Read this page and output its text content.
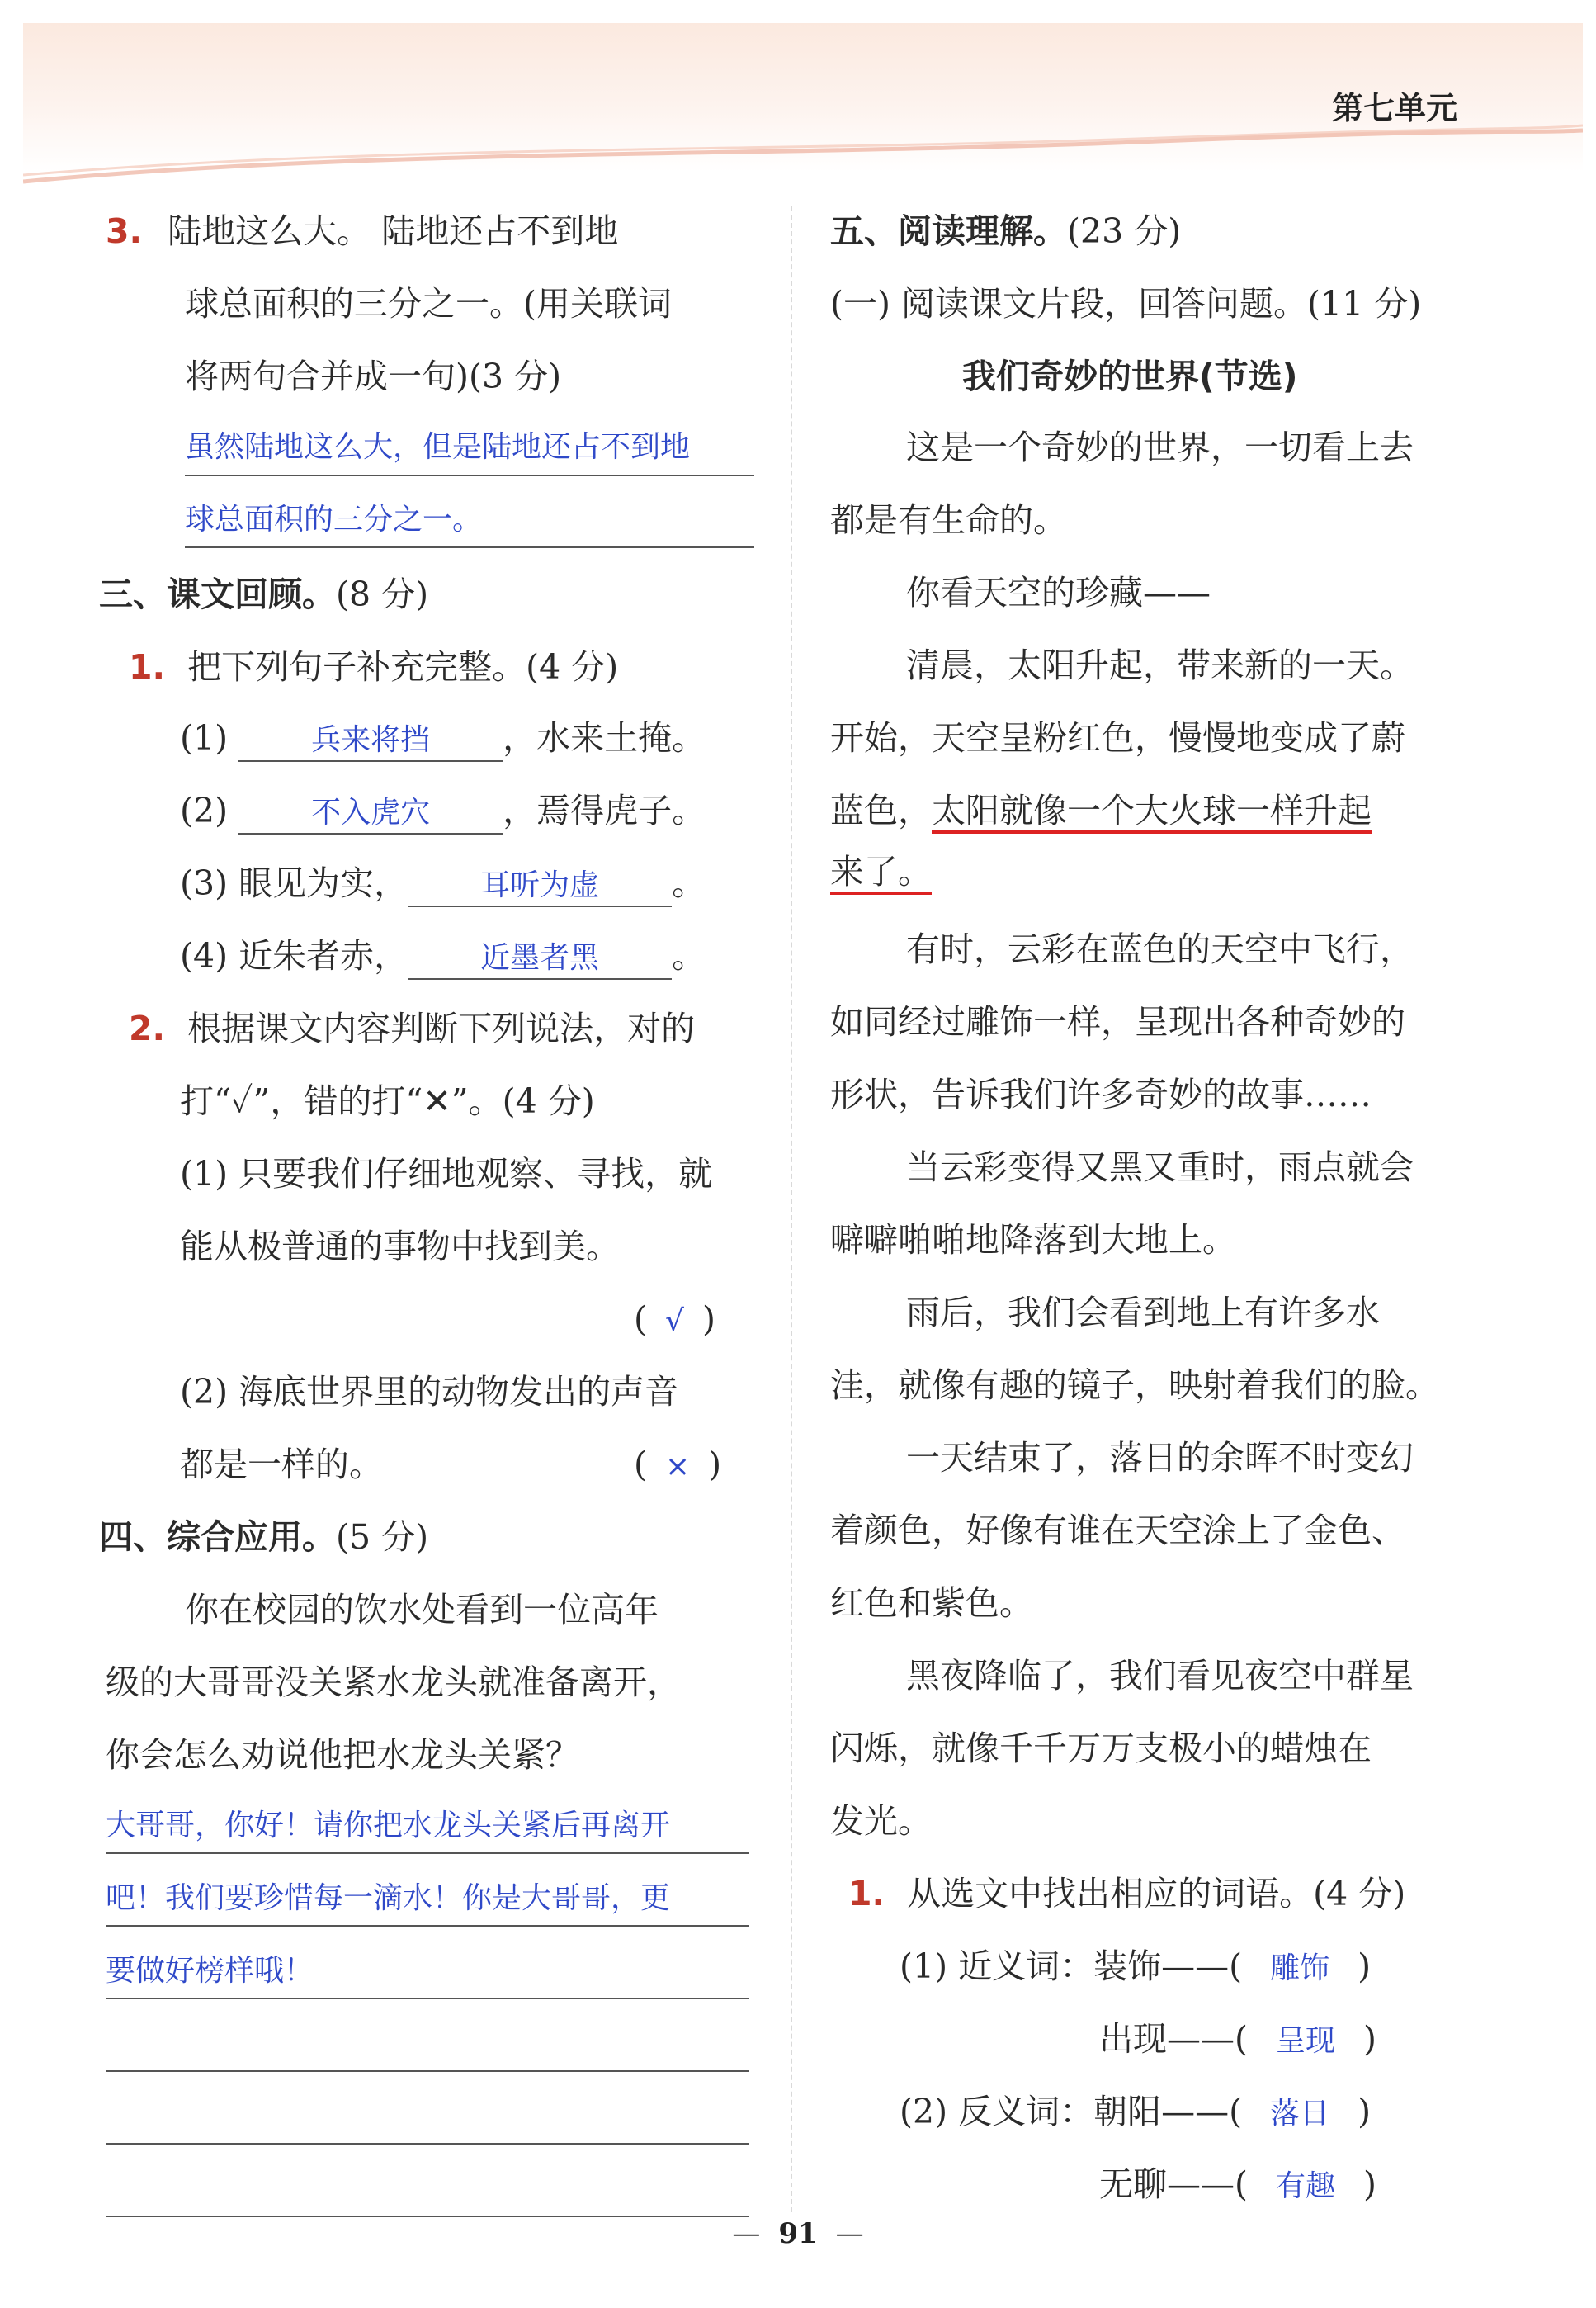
第七单元
3. 陆地这么大。 陆地还占不到地
球总面积的三分之一。(用关联词
将两句合并成一句)(3 分)
虽然陆地这么大，但是陆地还占不到地
球总面积的三分之一。
三、课文回顾。(8 分)
1. 把下列句子补充完整。(4 分)
(1)	兵来将挡 ，水来土掩。
(2)	不入虎穴 ，焉得虎子。
(3) 眼见为实， 耳听为虚 。
(4) 近朱者赤， 近墨者黑 。
2. 根据课文内容判断下列说法，对的
打“✓”，错的打“✕”。(4 分)
(1) 只要我们仔细地观察、寻找，就
能从极普通的事物中找到美。
( √ )
(2) 海底世界里的动物发出的声音
都是一样的。	( × )
四、综合应用。(5 分)
你在校园的饮水处看到一位高年
级的大哥哥没关紧水龙头就准备离开，
你会怎么劝说他把水龙头关紧？
大哥哥，你好！请你把水龙头关紧后再离开
吧！我们要珍惜每一滴水！你是大哥哥，更
要做好榜样哦！
五、阅读理解。(23 分)
(一) 阅读课文片段，回答问题。(11 分)
我们奇妙的世界(节选)
这是一个奇妙的世界，一切看上去
都是有生命的。
你看天空的珍藏——
清晨，太阳升起，带来新的一天。
开始，天空呈粉红色，慢慢地变成了蔚
蓝色，太阳就像一个大火球一样升起
来了。
有时，云彩在蓝色的天空中飞行，
如同经过雕饰一样，呈现出各种奇妙的
形状，告诉我们许多奇妙的故事……
当云彩变得又黑又重时，雨点就会
噼噼啪啪地降落到大地上。
雨后，我们会看到地上有许多水
洼，就像有趣的镜子，映射着我们的脸。
一天结束了，落日的余晖不时变幻
着颜色，好像有谁在天空涂上了金色、
红色和紫色。
黑夜降临了，我们看见夜空中群星
闪烁，就像千千万万支极小的蜡烛在
发光。
1. 从选文中找出相应的词语。(4 分)
(1) 近义词：装饰——( 雕饰 )
出现——( 呈现 )
(2) 反义词：朝阳——( 落日 )
无聊——( 有趣 )
— 91 —
